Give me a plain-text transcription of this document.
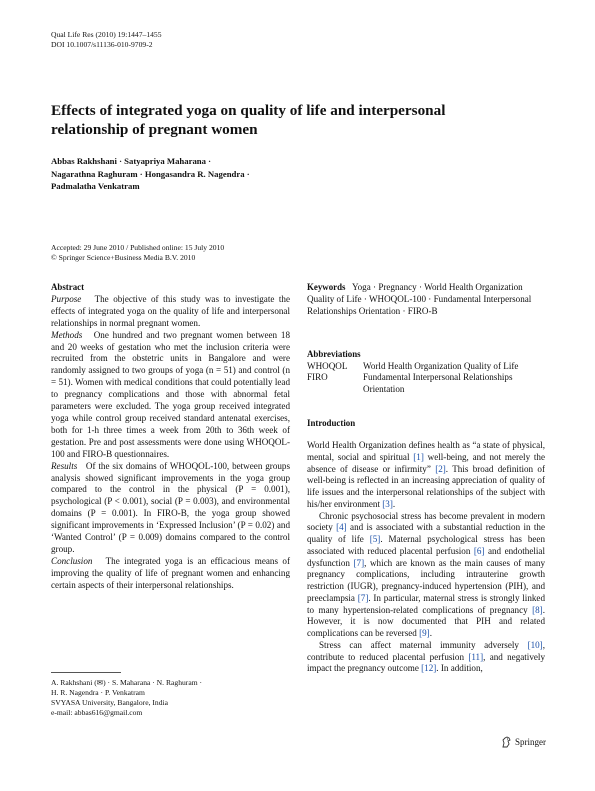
Qual Life Res (2010) 19:1447–1455
DOI 10.1007/s11136-010-9709-2
Effects of integrated yoga on quality of life and interpersonal
relationship of pregnant women
Abbas Rakhshani · Satyapriya Maharana ·
Nagarathna Raghuram · Hongasandra R. Nagendra ·
Padmalatha Venkatram
Accepted: 29 June 2010 / Published online: 15 July 2010
© Springer Science+Business Media B.V. 2010
Abstract

Purpose The objective of this study was to investigate the effects of integrated yoga on the quality of life and interpersonal relationships in normal pregnant women.

Methods One hundred and two pregnant women between 18 and 20 weeks of gestation who met the inclusion criteria were recruited from the obstetric units in Bangalore and were randomly assigned to two groups of yoga (n = 51) and control (n = 51). Women with medical conditions that could potentially lead to pregnancy complications and those with abnormal fetal parameters were excluded. The yoga group received integrated yoga while control group received standard antenatal exercises, both for 1-h three times a week from 20th to 36th week of gestation. Pre and post assessments were done using WHOQOL-100 and FIRO-B questionnaires.

Results Of the six domains of WHOQOL-100, between groups analysis showed significant improvements in the yoga group compared to the control in the physical (P = 0.001), psychological (P < 0.001), social (P = 0.003), and environmental domains (P = 0.001). In FIRO-B, the yoga group showed significant improvements in ‘Expressed Inclusion’ (P = 0.02) and ‘Wanted Control’ (P = 0.009) domains compared to the control group.

Conclusion The integrated yoga is an efficacious means of improving the quality of life of pregnant women and enhancing certain aspects of their interpersonal relationships.

A. Rakhshani (✉) · S. Maharana · N. Raghuram ·
H. R. Nagendra · P. Venkatram
SVYASA University, Bangalore, India
e-mail: abbas616@gmail.com
Keywords Yoga · Pregnancy · World Health Organization Quality of Life · WHOQOL-100 · Fundamental Interpersonal Relationships Orientation · FIRO-B
Abbreviations
WHOQOL	World Health Organization Quality of Life
FIRO	Fundamental Interpersonal Relationships Orientation
Introduction

World Health Organization defines health as “a state of physical, mental, social and spiritual [1] well-being, and not merely the absence of disease or infirmity” [2]. This broad definition of well-being is reflected in an increasing appreciation of quality of life issues and the interpersonal relationships of the subject with his/her environment [3].

Chronic psychosocial stress has become prevalent in modern society [4] and is associated with a substantial reduction in the quality of life [5]. Maternal psychological stress has been associated with reduced placental perfusion [6] and endothelial dysfunction [7], which are known as the main causes of many pregnancy complications, including intrauterine growth restriction (IUGR), pregnancy-induced hypertension (PIH), and preeclampsia [7]. In particular, maternal stress is strongly linked to many hypertension-related complications of pregnancy [8]. However, it is now documented that PIH and related complications can be reversed [9].

Stress can affect maternal immunity adversely [10], contribute to reduced placental perfusion [11], and negatively impact the pregnancy outcome [12]. In addition,

Springer
